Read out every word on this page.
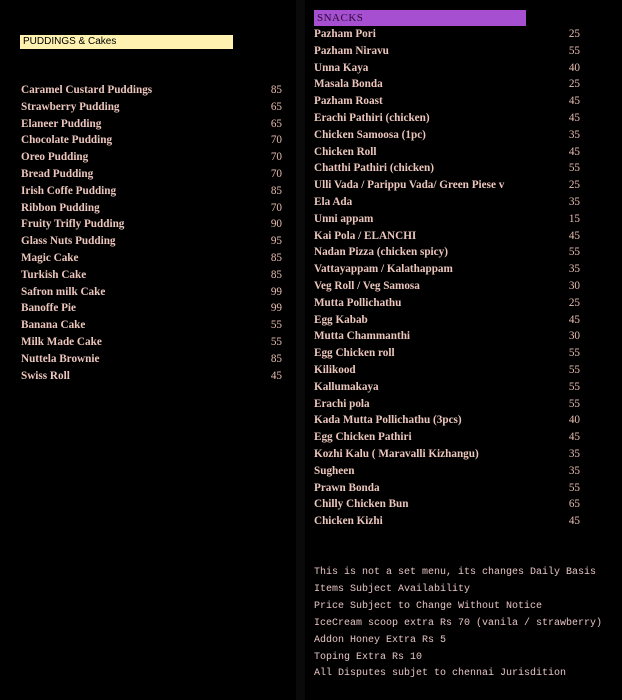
PUDDINGS & Cakes
Caramel Custard Puddings	85
Strawberry Pudding	65
Elaneer Pudding	65
Chocolate Pudding	70
Oreo Pudding	70
Bread Pudding	70
Irish Coffe Pudding	85
Ribbon Pudding	70
Fruity Trifly Pudding	90
Glass Nuts Pudding	95
Magic Cake	85
Turkish Cake	85
Safron milk Cake	99
Banoffe Pie	99
Banana Cake	55
Milk Made Cake	55
Nuttela Brownie	85
Swiss Roll	45
SNACKS
Pazham Pori	25
Pazham Niravu	55
Unna Kaya	40
Masala Bonda	25
Pazham Roast	45
Erachi Pathiri (chicken)	45
Chicken Samoosa (1pc)	35
Chicken Roll	45
Chatthi Pathiri (chicken)	55
Ulli Vada / Parippu Vada/ Green Piese v	25
Ela Ada	35
Unni appam	15
Kai Pola / ELANCHI	45
Nadan Pizza (chicken spicy)	55
Vattayappam / Kalathappam	35
Veg Roll / Veg Samosa	30
Mutta Pollichathu	25
Egg Kabab	45
Mutta Chammanthi	30
Egg Chicken roll	55
Kilikood	55
Kallumakaya	55
Erachi pola	55
Kada Mutta Pollichathu (3pcs)	40
Egg Chicken Pathiri	45
Kozhi Kalu ( Maravalli Kizhangu)	35
Sugheen	35
Prawn Bonda	55
Chilly Chicken Bun	65
Chicken Kizhi	45
This is not a set menu, its changes Daily Basis
Items Subject Availability
Price Subject to Change Without Notice
IceCream scoop extra Rs 70 (vanila / strawberry)
Addon Honey Extra Rs 5
Toping Extra Rs 10
All Disputes subjet to chennai Jurisdition
